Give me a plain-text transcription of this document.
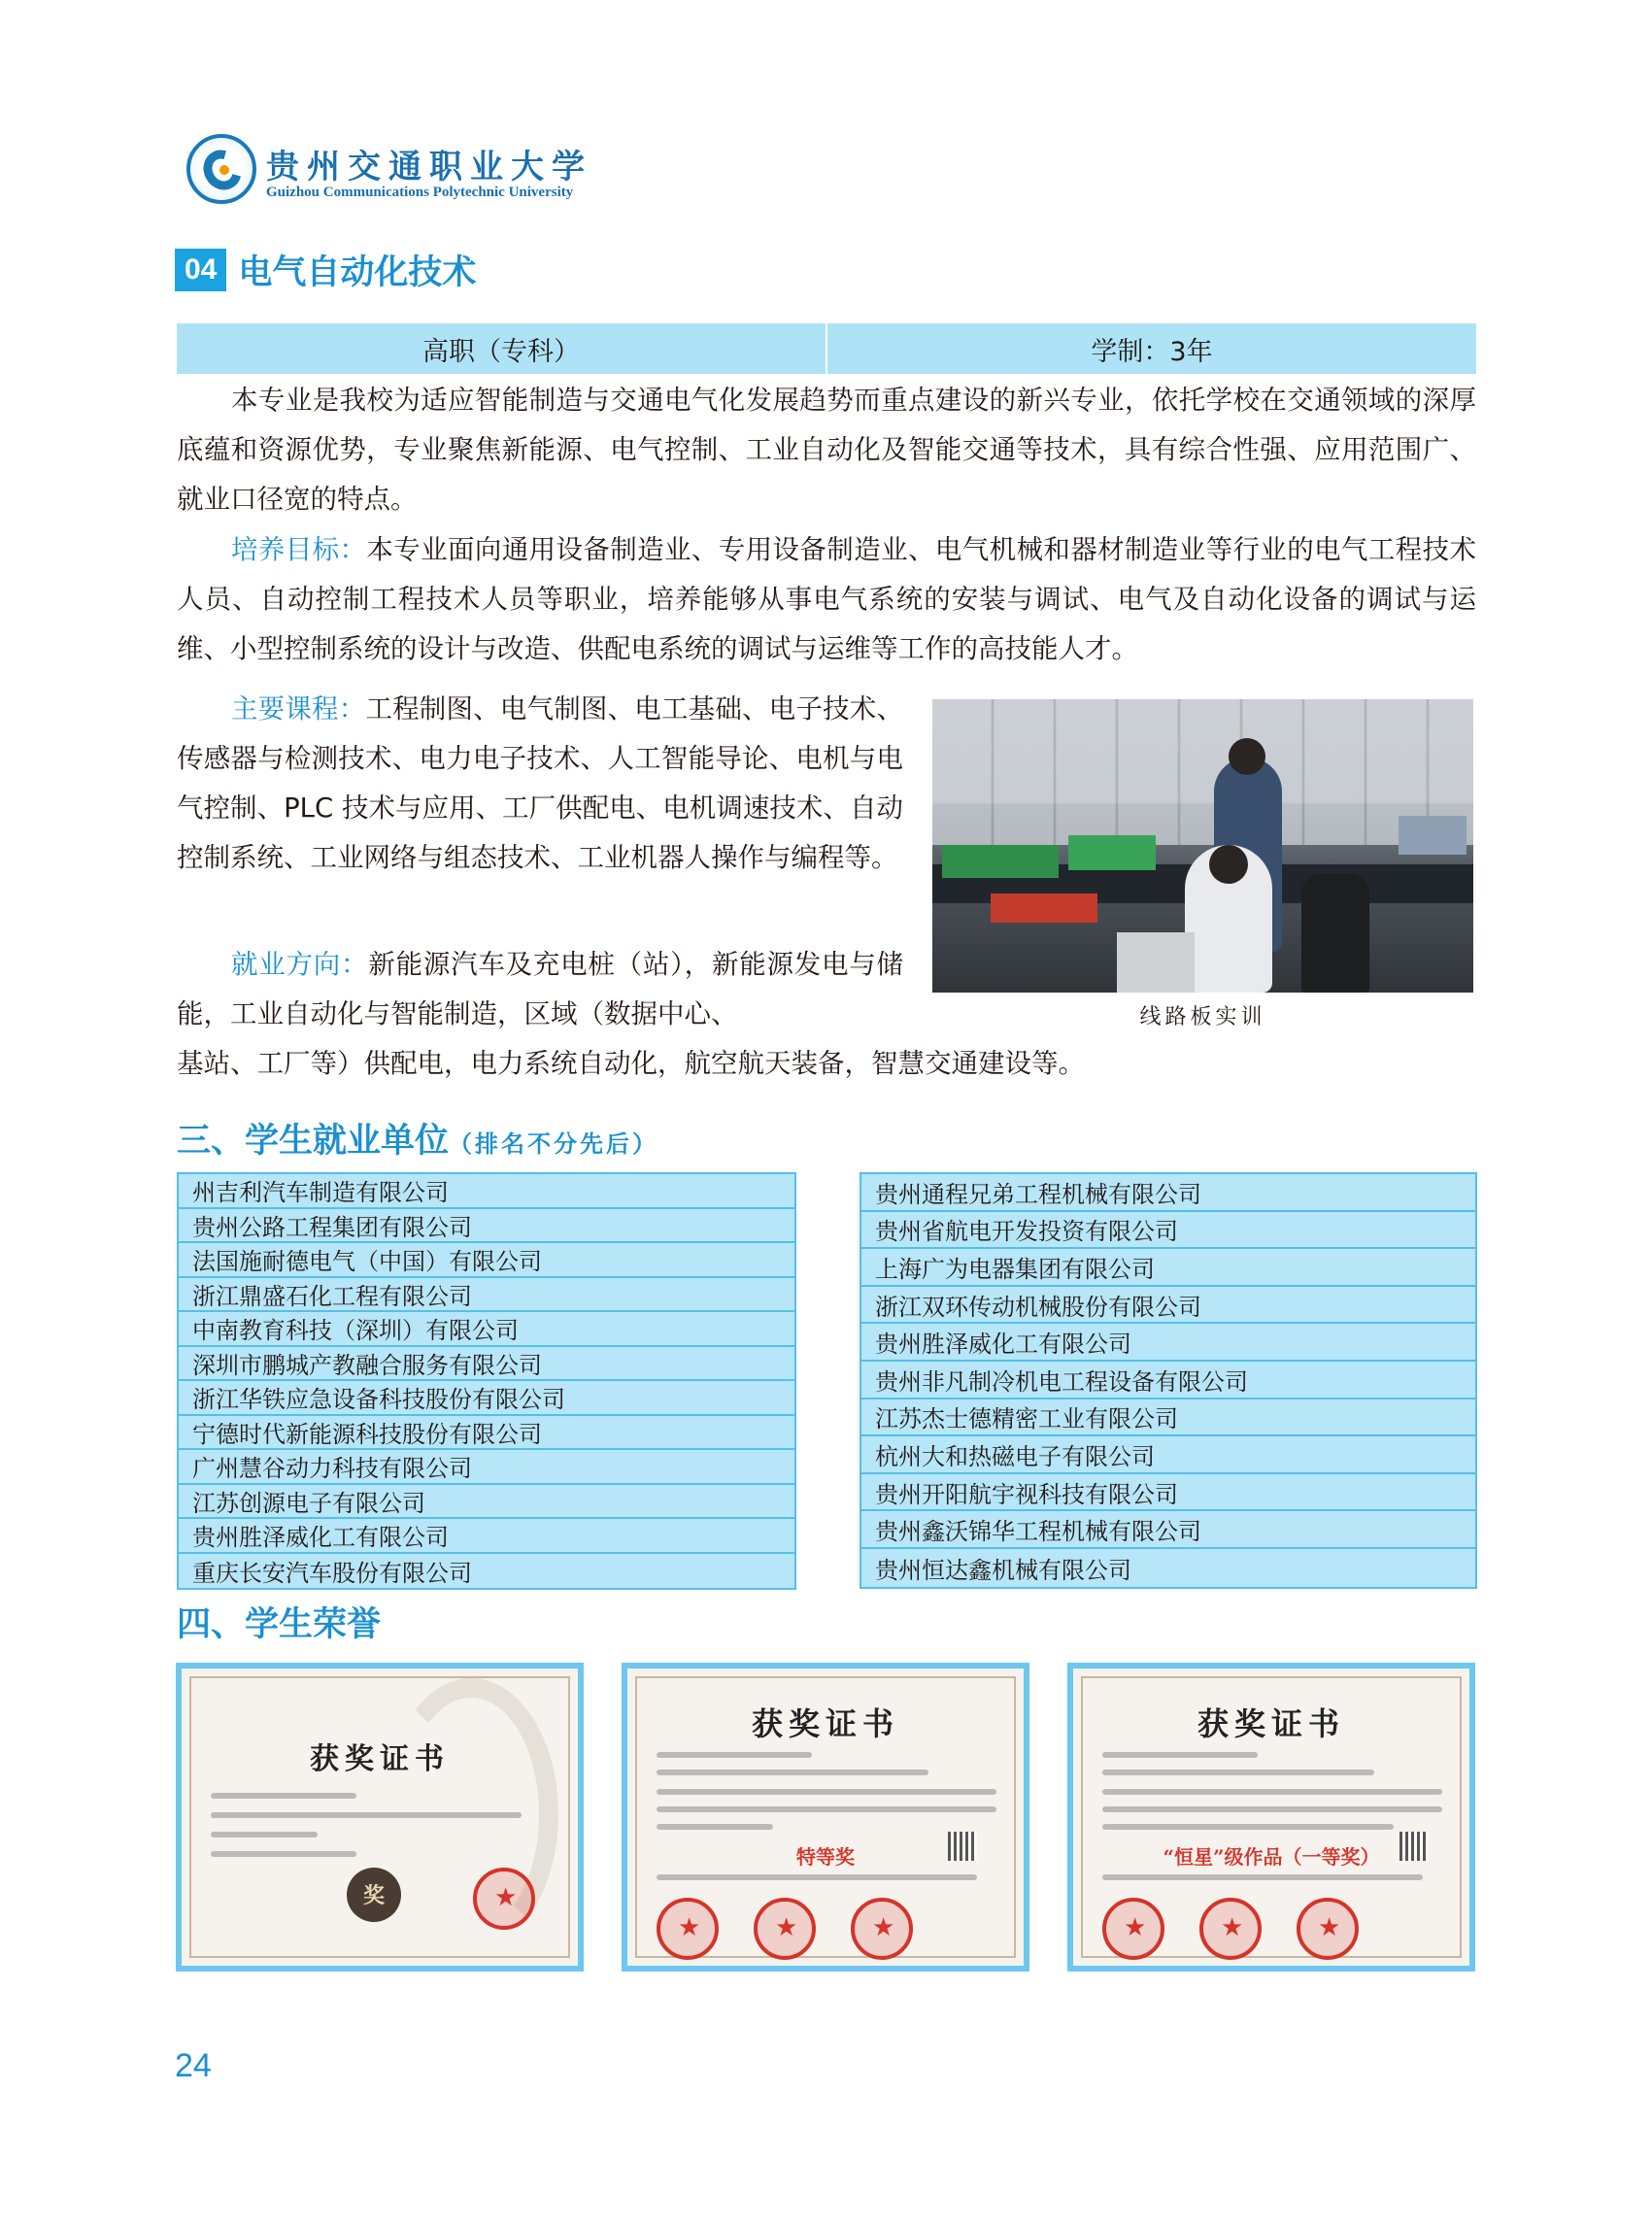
贵州交通职业大学
Guizhou Communications Polytechnic University
04 电气自动化技术
高职（专科）	学制：3年

本专业是我校为适应智能制造与交通电气化发展趋势而重点建设的新兴专业，依托学校在交通领域的深厚底蕴和资源优势，专业聚焦新能源、电气控制、工业自动化及智能交通等技术，具有综合性强、应用范围广、就业口径宽的特点。

培养目标：本专业面向通用设备制造业、专用设备制造业、电气机械和器材制造业等行业的电气工程技术人员、自动控制工程技术人员等职业，培养能够从事电气系统的安装与调试、电气及自动化设备的调试与运维、小型控制系统的设计与改造、供配电系统的调试与运维等工作的高技能人才。

主要课程：工程制图、电气制图、电工基础、电子技术、传感器与检测技术、电力电子技术、人工智能导论、电机与电气控制、PLC 技术与应用、工厂供配电、电机调速技术、自动控制系统、工业网络与组态技术、工业机器人操作与编程等。

就业方向：新能源汽车及充电桩（站），新能源发电与储能，工业自动化与智能制造，区域（数据中心、

基站、工厂等）供配电，电力系统自动化，航空航天装备，智慧交通建设等。

线路板实训
三、学生就业单位（排名不分先后）
州吉利汽车制造有限公司
贵州公路工程集团有限公司
法国施耐德电气（中国）有限公司
浙江鼎盛石化工程有限公司
中南教育科技（深圳）有限公司
深圳市鹏城产教融合服务有限公司
浙江华铁应急设备科技股份有限公司
宁德时代新能源科技股份有限公司
广州慧谷动力科技有限公司
江苏创源电子有限公司
贵州胜泽威化工有限公司
重庆长安汽车股份有限公司
贵州通程兄弟工程机械有限公司
贵州省航电开发投资有限公司
上海广为电器集团有限公司
浙江双环传动机械股份有限公司
贵州胜泽威化工有限公司
贵州非凡制冷机电工程设备有限公司
江苏杰士德精密工业有限公司
杭州大和热磁电子有限公司
贵州开阳航宇视科技有限公司
贵州鑫沃锦华工程机械有限公司
贵州恒达鑫机械有限公司
四、学生荣誉
获奖证书
奖	★
获奖证书
特等奖
★	★	★
获奖证书
“恒星”级作品（一等奖）
★	★	★
24
